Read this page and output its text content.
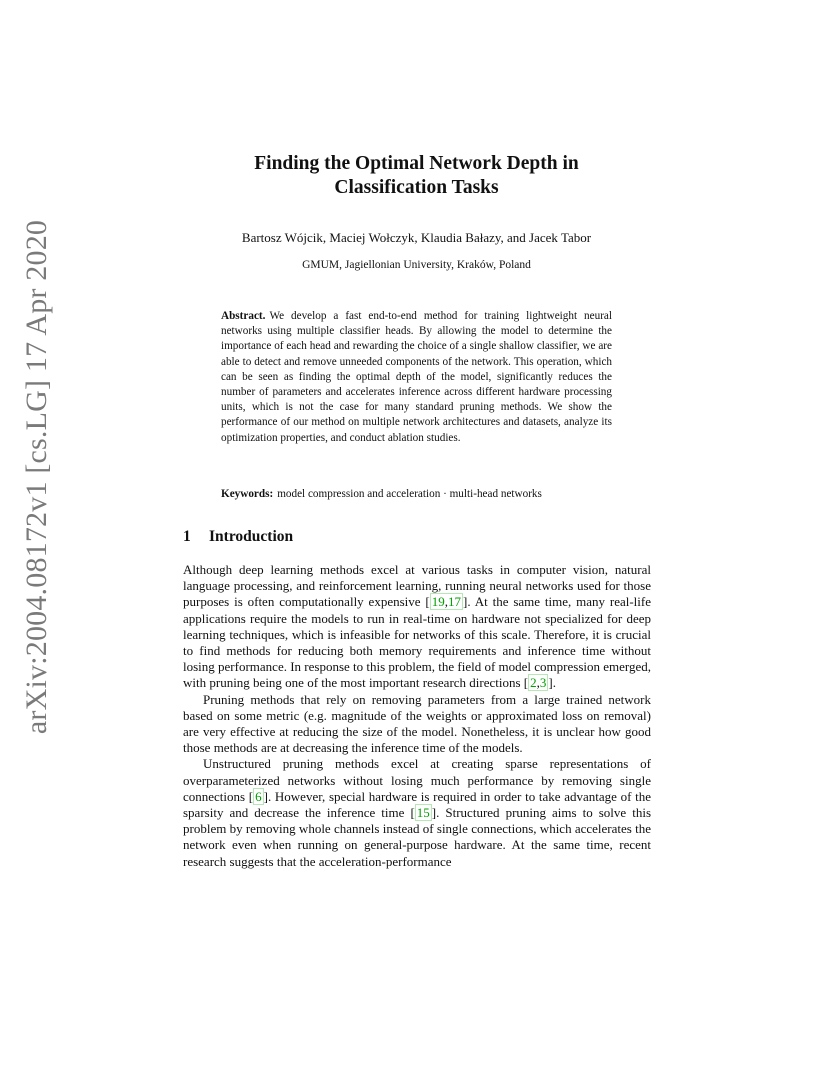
arXiv:2004.08172v1 [cs.LG] 17 Apr 2020
Finding the Optimal Network Depth in
Classification Tasks
Bartosz Wójcik, Maciej Wołczyk, Klaudia Bałazy, and Jacek Tabor
GMUM, Jagiellonian University, Kraków, Poland
Abstract. We develop a fast end-to-end method for training lightweight neural networks using multiple classifier heads. By allowing the model to determine the importance of each head and rewarding the choice of a single shallow classifier, we are able to detect and remove unneeded components of the network. This operation, which can be seen as finding the optimal depth of the model, significantly reduces the number of parameters and accelerates inference across different hardware processing units, which is not the case for many standard pruning methods. We show the performance of our method on multiple network architectures and datasets, analyze its optimization properties, and conduct ablation studies.
Keywords: model compression and acceleration · multi-head networks
1 Introduction

Although deep learning methods excel at various tasks in computer vision, natural language processing, and reinforcement learning, running neural networks used for those purposes is often computationally expensive [ 19,17 ]. At the same time, many real-life applications require the models to run in real-time on hardware not specialized for deep learning techniques, which is infeasible for networks of this scale. Therefore, it is crucial to find methods for reducing both memory requirements and inference time without losing performance. In response to this problem, the field of model compression emerged, with pruning being one of the most important research directions [ 2,3 ].

Pruning methods that rely on removing parameters from a large trained network based on some metric (e.g. magnitude of the weights or approximated loss on removal) are very effective at reducing the size of the model. Nonetheless, it is unclear how good those methods are at decreasing the inference time of the models.

Unstructured pruning methods excel at creating sparse representations of overparameterized networks without losing much performance by removing single connections [ 6 ]. However, special hardware is required in order to take advantage of the sparsity and decrease the inference time [ 15 ]. Structured pruning aims to solve this problem by removing whole channels instead of single connections, which accelerates the network even when running on general-purpose hardware. At the same time, recent research suggests that the acceleration-performance
